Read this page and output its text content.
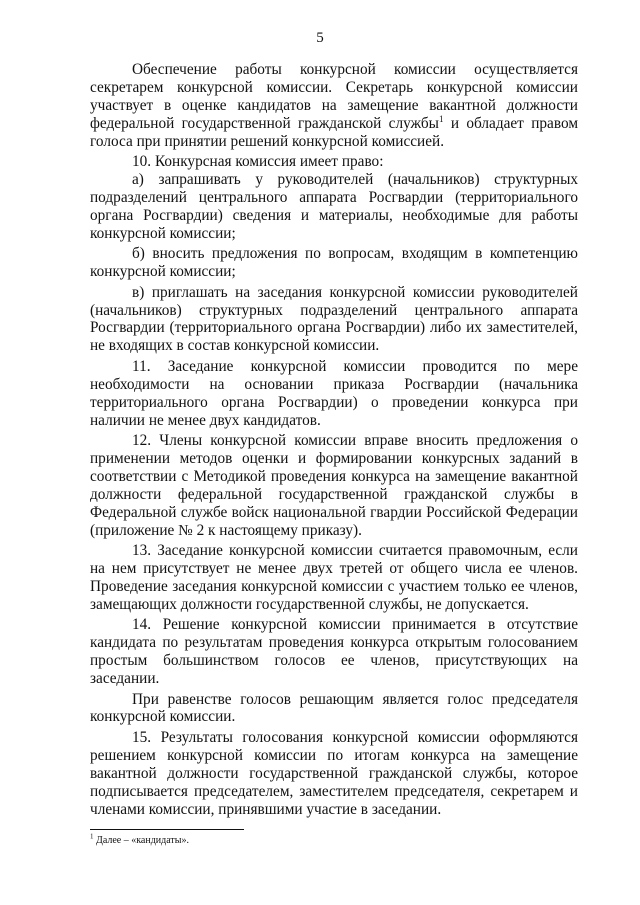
5

Обеспечение работы конкурсной комиссии осуществляется секретарем конкурсной комиссии. Секретарь конкурсной комиссии участвует в оценке кандидатов на замещение вакантной должности федеральной государственной гражданской службы$^1$ и обладает правом голоса при принятии решений конкурсной комиссией.

10. Конкурсная комиссия имеет право:

а) запрашивать у руководителей (начальников) структурных подразделений центрального аппарата Росгвардии (территориального органа Росгвардии) сведения и материалы, необходимые для работы конкурсной комиссии;

б) вносить предложения по вопросам, входящим в компетенцию конкурсной комиссии;

в) приглашать на заседания конкурсной комиссии руководителей (начальников) структурных подразделений центрального аппарата Росгвардии (территориального органа Росгвардии) либо их заместителей, не входящих в состав конкурсной комиссии.

11. Заседание конкурсной комиссии проводится по мере необходимости на основании приказа Росгвардии (начальника территориального органа Росгвардии) о проведении конкурса при наличии не менее двух кандидатов.

12. Члены конкурсной комиссии вправе вносить предложения о применении методов оценки и формировании конкурсных заданий в соответствии с Методикой проведения конкурса на замещение вакантной должности федеральной государственной гражданской службы в Федеральной службе войск национальной гвардии Российской Федерации (приложение № 2 к настоящему приказу).

13. Заседание конкурсной комиссии считается правомочным, если на нем присутствует не менее двух третей от общего числа ее членов. Проведение заседания конкурсной комиссии с участием только ее членов, замещающих должности государственной службы, не допускается.

14. Решение конкурсной комиссии принимается в отсутствие кандидата по результатам проведения конкурса открытым голосованием простым большинством голосов ее членов, присутствующих на заседании.

При равенстве голосов решающим является голос председателя конкурсной комиссии.

15. Результаты голосования конкурсной комиссии оформляются решением конкурсной комиссии по итогам конкурса на замещение вакантной должности государственной гражданской службы, которое подписывается председателем, заместителем председателя, секретарем и членами комиссии, принявшими участие в заседании.

$^1$ Далее – «кандидаты».
